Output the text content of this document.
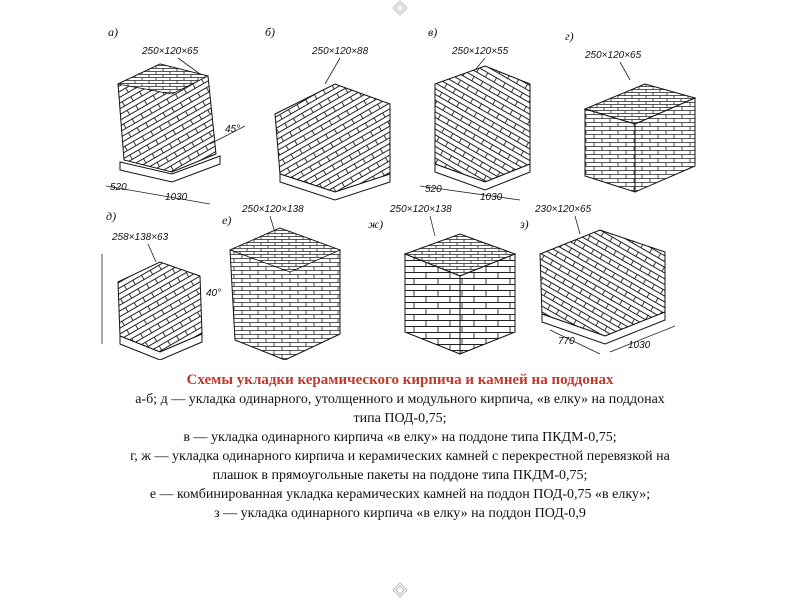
а)
250×120×65
45°
520
1030
б)
250×120×88
в)
250×120×55
520
1030
г)
250×120×65
д)
258×138×63
40°
е)
250×120×138
ж)
250×120×138
з)
230×120×65
770	1030
Схемы укладки керамического кирпича и камней на поддонах
а-б; д — укладка одинарного, утолщенного и модульного кирпича, «в елку» на поддонах
типа ПОД-0,75;
в — укладка одинарного кирпича «в елку» на поддоне типа ПКДМ-0,75;
г, ж — укладка одинарного кирпича и керамических камней с перекрестной перевязкой на
плашок в прямоугольные пакеты на поддоне типа ПКДМ-0,75;
е — комбинированная укладка керамических камней на поддон ПОД-0,75 «в елку»;
з — укладка одинарного кирпича «в елку» на поддон ПОД-0,9
